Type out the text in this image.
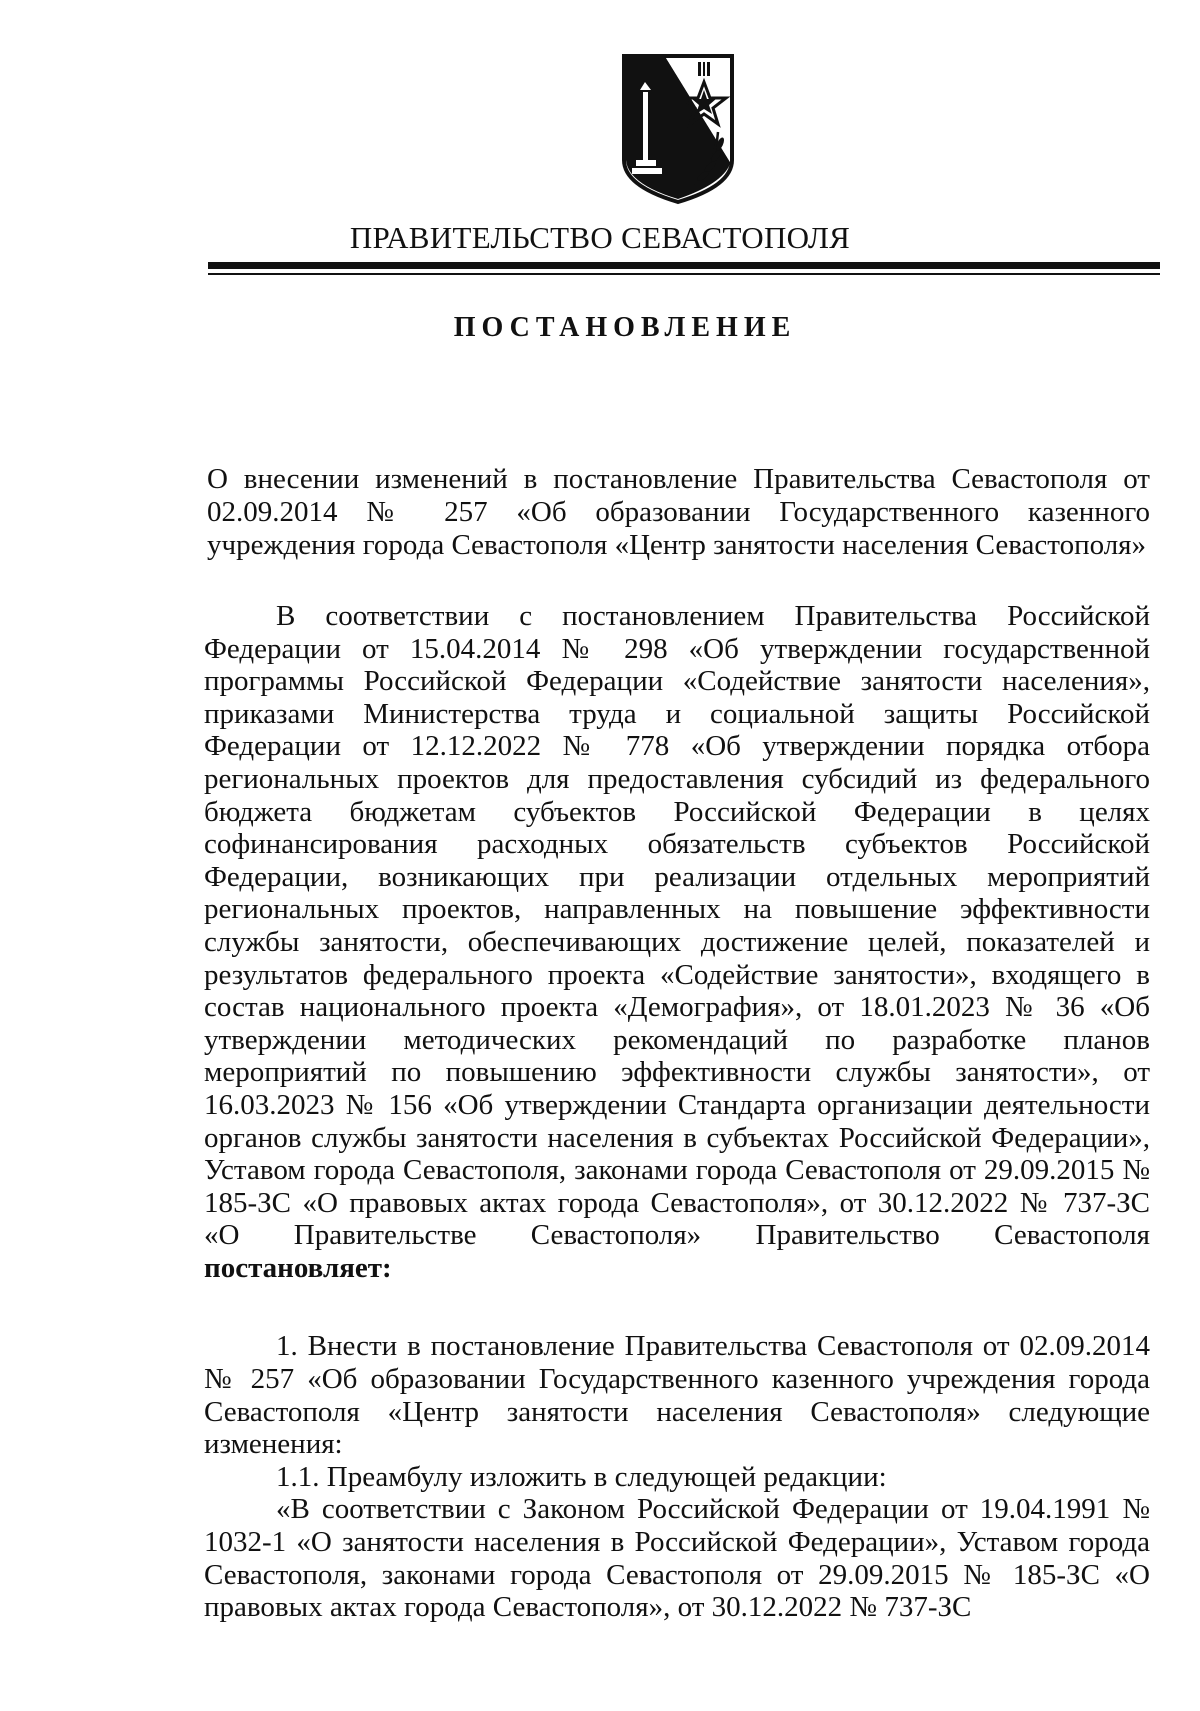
ПРАВИТЕЛЬСТВО СЕВАСТОПОЛЯ
ПОСТАНОВЛЕНИЕ
О внесении изменений в постановление Правительства Севастополя от 02.09.2014 № 257 «Об образовании Государственного казенного учреждения города Севастополя «Центр занятости населения Севастополя»

В соответствии с постановлением Правительства Российской Федерации от 15.04.2014 № 298 «Об утверждении государственной программы Российской Федерации «Содействие занятости населения», приказами Министерства труда и социальной защиты Российской Федерации от 12.12.2022 № 778 «Об утверждении порядка отбора региональных проектов для предоставления субсидий из федерального бюджета бюджетам субъектов Российской Федерации в целях софинансирования расходных обязательств субъектов Российской Федерации, возникающих при реализации отдельных мероприятий региональных проектов, направленных на повышение эффективности службы занятости, обеспечивающих достижение целей, показателей и результатов федерального проекта «Содействие занятости», входящего в состав национального проекта «Демография», от 18.01.2023 № 36 «Об утверждении методических рекомендаций по разработке планов мероприятий по повышению эффективности службы занятости», от 16.03.2023 № 156 «Об утверждении Стандарта организации деятельности органов службы занятости населения в субъектах Российской Федерации», Уставом города Севастополя, законами города Севастополя от 29.09.2015 № 185-ЗС «О правовых актах города Севастополя», от 30.12.2022 № 737-ЗС «О Правительстве Севастополя» Правительство Севастополя постановляет:

1. Внести в постановление Правительства Севастополя от 02.09.2014 № 257 «Об образовании Государственного казенного учреждения города Севастополя «Центр занятости населения Севастополя» следующие изменения:

1.1. Преамбулу изложить в следующей редакции:

«В соответствии с Законом Российской Федерации от 19.04.1991 № 1032-1 «О занятости населения в Российской Федерации», Уставом города Севастополя, законами города Севастополя от 29.09.2015 № 185-ЗС «О правовых актах города Севастополя», от 30.12.2022 № 737-ЗС
